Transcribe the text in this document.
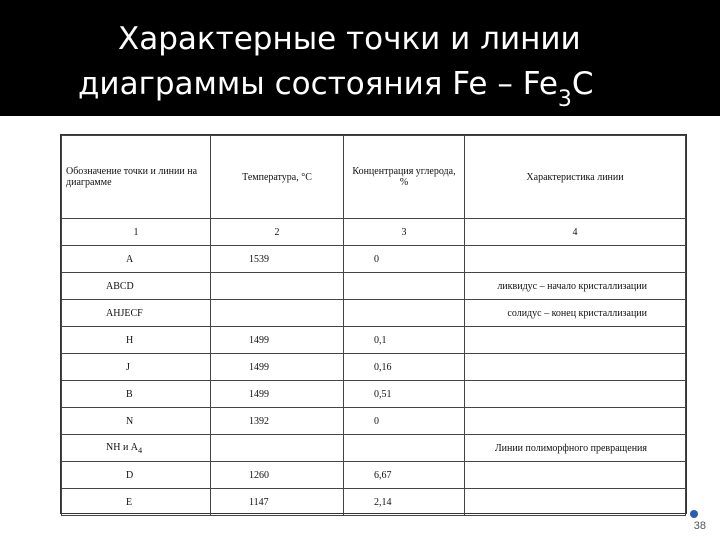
Характерные точки и линии
диаграммы состояния Fe – $Fe_3C$
Обозначение точки и линии на диаграмме	Температура, °С	Концентрация углерода, %	Характеристика линии
1	2	3	4
A	1539	0	
ABCD			ликвидус – начало кристаллизации
AHJECF			солидус – конец кристаллизации
H	1499	0,1	
J	1499	0,16	
B	1499	0,51	
N	1392	0	
NH и $A_4$			Линии полиморфного превращения
D	1260	6,67	
E	1147	2,14	
38
